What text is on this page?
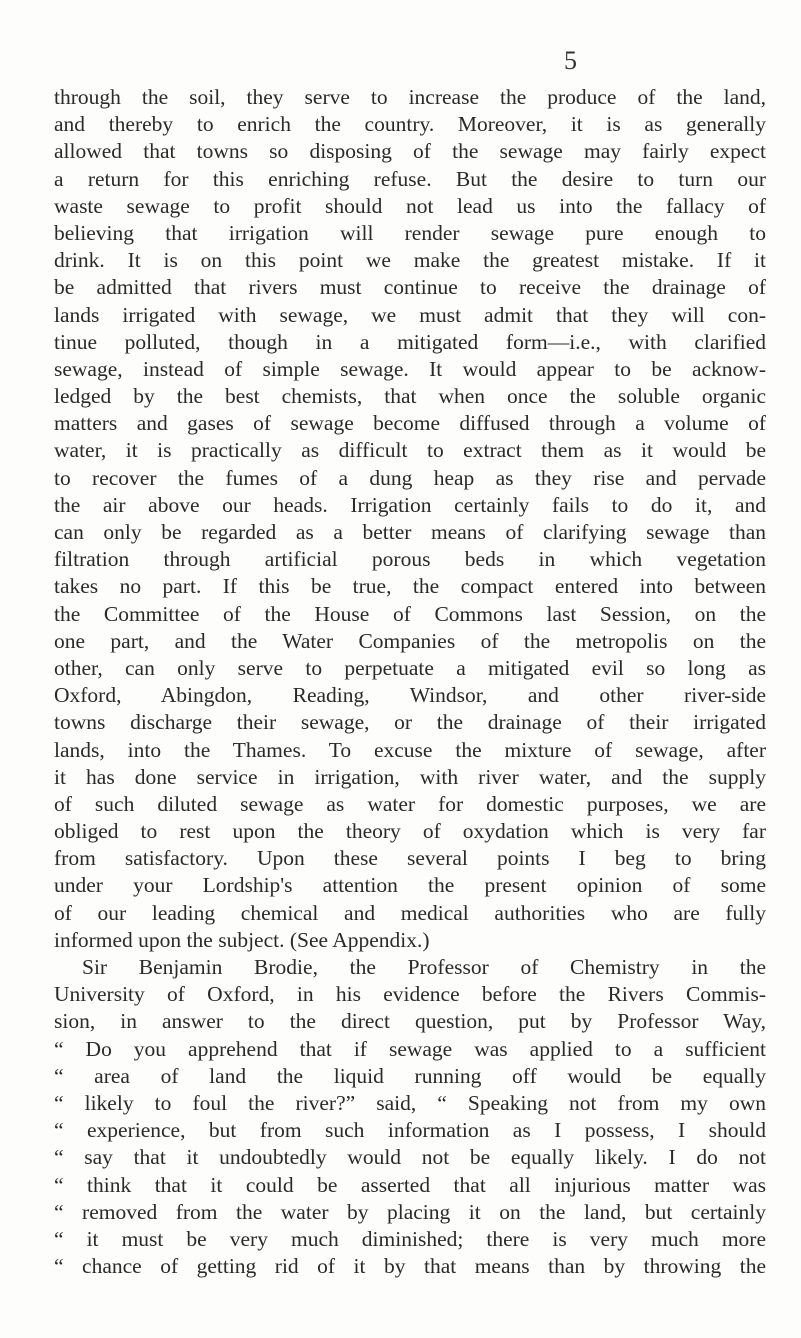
5
through the soil, they serve to increase the produce of the land,
and thereby to enrich the country. Moreover, it is as generally
allowed that towns so disposing of the sewage may fairly expect
a return for this enriching refuse. But the desire to turn our
waste sewage to profit should not lead us into the fallacy of
believing that irrigation will render sewage pure enough to
drink. It is on this point we make the greatest mistake. If it
be admitted that rivers must continue to receive the drainage of
lands irrigated with sewage, we must admit that they will con-
tinue polluted, though in a mitigated form—i.e., with clarified
sewage, instead of simple sewage. It would appear to be acknow-
ledged by the best chemists, that when once the soluble organic
matters and gases of sewage become diffused through a volume of
water, it is practically as difficult to extract them as it would be
to recover the fumes of a dung heap as they rise and pervade
the air above our heads. Irrigation certainly fails to do it, and
can only be regarded as a better means of clarifying sewage than
filtration through artificial porous beds in which vegetation
takes no part. If this be true, the compact entered into between
the Committee of the House of Commons last Session, on the
one part, and the Water Companies of the metropolis on the
other, can only serve to perpetuate a mitigated evil so long as
Oxford, Abingdon, Reading, Windsor, and other river-side
towns discharge their sewage, or the drainage of their irrigated
lands, into the Thames. To excuse the mixture of sewage, after
it has done service in irrigation, with river water, and the supply
of such diluted sewage as water for domestic purposes, we are
obliged to rest upon the theory of oxydation which is very far
from satisfactory. Upon these several points I beg to bring
under your Lordship's attention the present opinion of some
of our leading chemical and medical authorities who are fully
informed upon the subject. (See Appendix.)
Sir Benjamin Brodie, the Professor of Chemistry in the
University of Oxford, in his evidence before the Rivers Commis-
sion, in answer to the direct question, put by Professor Way,
“ Do you apprehend that if sewage was applied to a sufficient
“ area of land the liquid running off would be equally
“ likely to foul the river?” said, “ Speaking not from my own
“ experience, but from such information as I possess, I should
“ say that it undoubtedly would not be equally likely. I do not
“ think that it could be asserted that all injurious matter was
“ removed from the water by placing it on the land, but certainly
“ it must be very much diminished; there is very much more
“ chance of getting rid of it by that means than by throwing the
